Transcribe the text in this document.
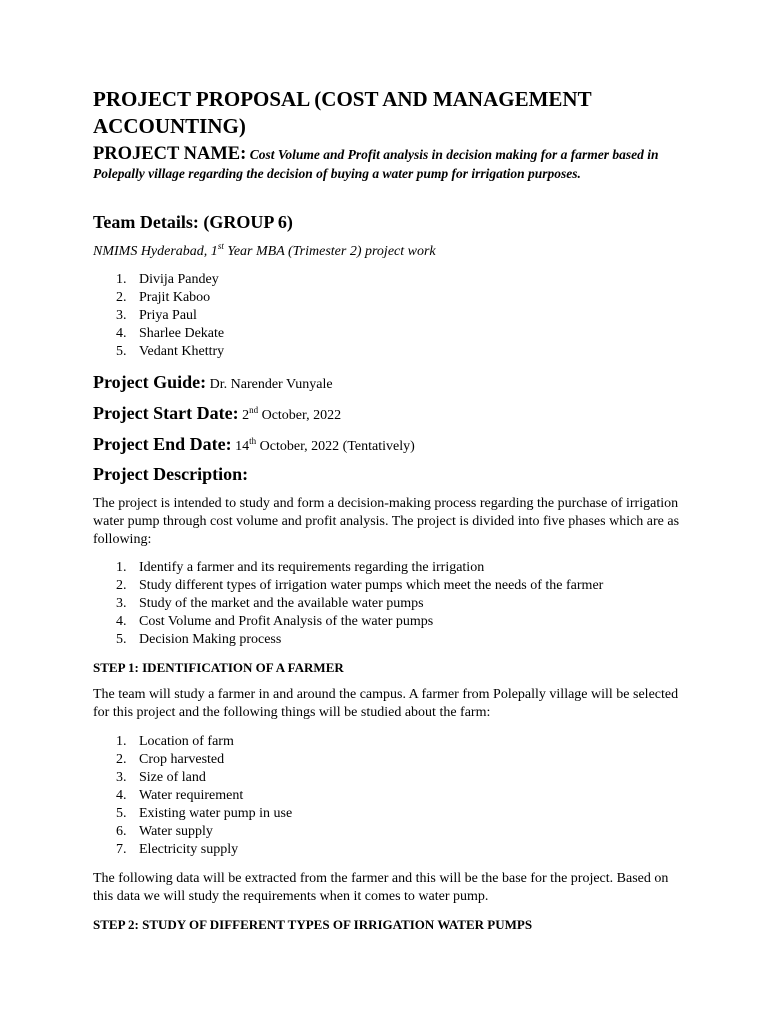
PROJECT PROPOSAL (COST AND MANAGEMENT ACCOUNTING)

PROJECT NAME: Cost Volume and Profit analysis in decision making for a farmer based in Polepally village regarding the decision of buying a water pump for irrigation purposes.

Team Details: (GROUP 6)

NMIMS Hyderabad, 1st Year MBA (Trimester 2) project work

1. Divija Pandey
2. Prajit Kaboo
3. Priya Paul
4. Sharlee Dekate
5. Vedant Khettry
Project Guide: Dr. Narender Vunyale
Project Start Date: 2nd October, 2022
Project End Date: 14th October, 2022 (Tentatively)
Project Description:

The project is intended to study and form a decision-making process regarding the purchase of irrigation water pump through cost volume and profit analysis. The project is divided into five phases which are as following:

1. Identify a farmer and its requirements regarding the irrigation
2. Study different types of irrigation water pumps which meet the needs of the farmer
3. Study of the market and the available water pumps
4. Cost Volume and Profit Analysis of the water pumps
5. Decision Making process
STEP 1: IDENTIFICATION OF A FARMER

The team will study a farmer in and around the campus. A farmer from Polepally village will be selected for this project and the following things will be studied about the farm:

1. Location of farm
2. Crop harvested
3. Size of land
4. Water requirement
5. Existing water pump in use
6. Water supply
7. Electricity supply

The following data will be extracted from the farmer and this will be the base for the project. Based on this data we will study the requirements when it comes to water pump.

STEP 2: STUDY OF DIFFERENT TYPES OF IRRIGATION WATER PUMPS
